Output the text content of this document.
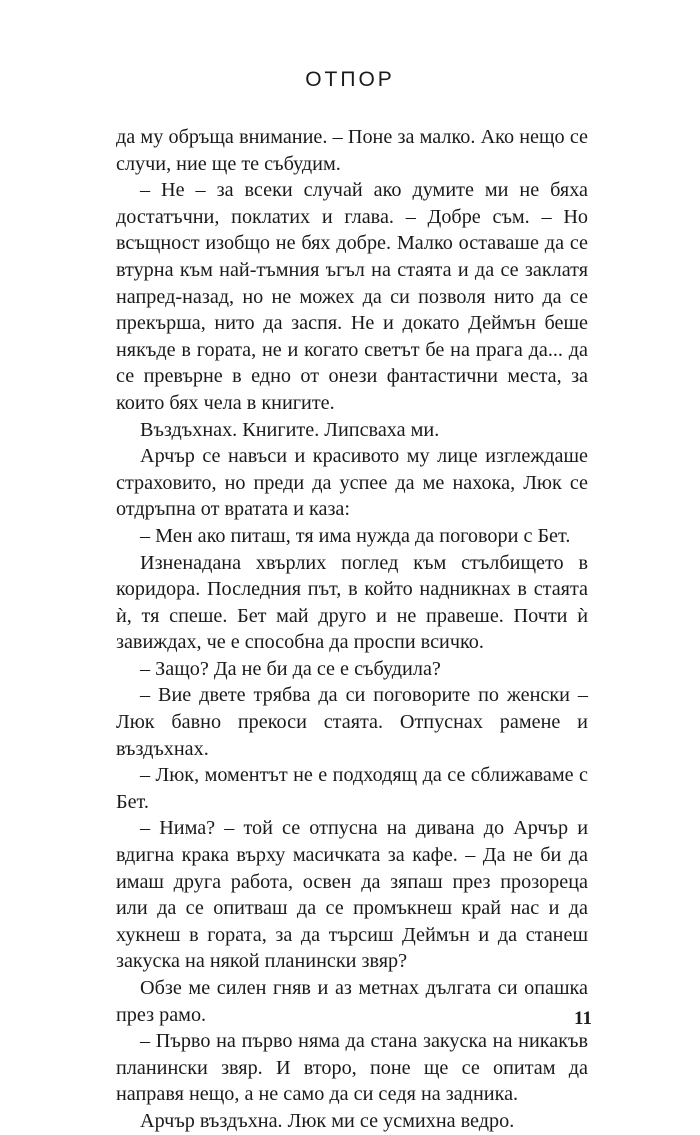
ОТПОР

да му обръща внимание. – Поне за малко. Ако нещо се случи, ние ще те събудим.

– Не – за всеки случай ако думите ми не бяха достатъчни, поклатих и глава. – Добре съм. – Но всъщност изобщо не бях добре. Малко оставаше да се втурна към най-тъмния ъгъл на стаята и да се заклатя напред-назад, но не можех да си позволя нито да се прекършa, нито да заспя. Не и докато Деймън беше някъде в гората, не и когато светът бе на прага да... да се превърне в едно от онези фантастични места, за които бях чела в книгите.

Въздъхнах. Книгите. Липсваха ми.

Арчър се навъси и красивото му лице изглеждаше страховито, но преди да успее да ме нахока, Люк се отдръпна от вратата и каза:

– Мен ако питаш, тя има нужда да поговори с Бет.

Изненадана хвърлих поглед към стълбището в коридора. Последния път, в който надникнах в стаята ѝ, тя спеше. Бет май друго и не правеше. Почти ѝ завиждах, че е способна да проспи всичко.

– Защо? Да не би да се е събудила?

– Вие двете трябва да си поговорите по женски – Люк бавно прекоси стаята. Отпуснах рамене и въздъхнах.

– Люк, моментът не е подходящ да се сближаваме с Бет.

– Нима? – той се отпусна на дивана до Арчър и вдигна крака върху масичката за кафе. – Да не би да имаш друга работа, освен да зяпаш през прозореца или да се опитваш да се промъкнеш край нас и да хукнеш в гората, за да търсиш Деймън и да станеш закуска на някой планински звяр?

Обзе ме силен гняв и аз метнах дългата си опашка през рамо.

– Първо на първо няма да стана закуска на никакъв планински звяр. И второ, поне ще се опитам да направя нещо, а не само да си седя на задника.

Арчър въздъхна. Люк ми се усмихна ведро.

11
